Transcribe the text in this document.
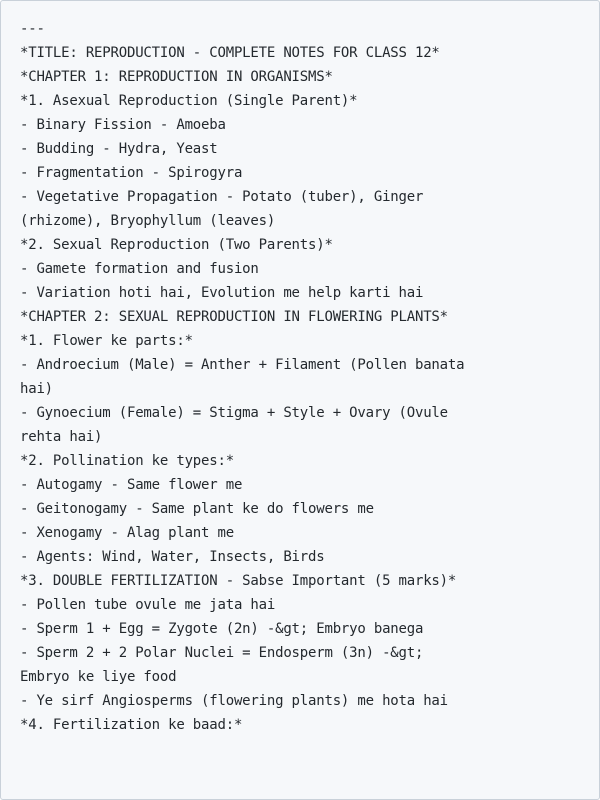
---
*TITLE: REPRODUCTION - COMPLETE NOTES FOR CLASS 12*
*CHAPTER 1: REPRODUCTION IN ORGANISMS*
*1. Asexual Reproduction (Single Parent)*
- Binary Fission - Amoeba
- Budding - Hydra, Yeast
- Fragmentation - Spirogyra
- Vegetative Propagation - Potato (tuber), Ginger
(rhizome), Bryophyllum (leaves)
*2. Sexual Reproduction (Two Parents)*
- Gamete formation and fusion
- Variation hoti hai, Evolution me help karti hai
*CHAPTER 2: SEXUAL REPRODUCTION IN FLOWERING PLANTS*
*1. Flower ke parts:*
- Androecium (Male) = Anther + Filament (Pollen banata
hai)
- Gynoecium (Female) = Stigma + Style + Ovary (Ovule
rehta hai)
*2. Pollination ke types:*
- Autogamy - Same flower me
- Geitonogamy - Same plant ke do flowers me
- Xenogamy - Alag plant me
- Agents: Wind, Water, Insects, Birds
*3. DOUBLE FERTILIZATION - Sabse Important (5 marks)*
- Pollen tube ovule me jata hai
- Sperm 1 + Egg = Zygote (2n) -&gt; Embryo banega
- Sperm 2 + 2 Polar Nuclei = Endosperm (3n) -&gt;
Embryo ke liye food
- Ye sirf Angiosperms (flowering plants) me hota hai
*4. Fertilization ke baad:*
